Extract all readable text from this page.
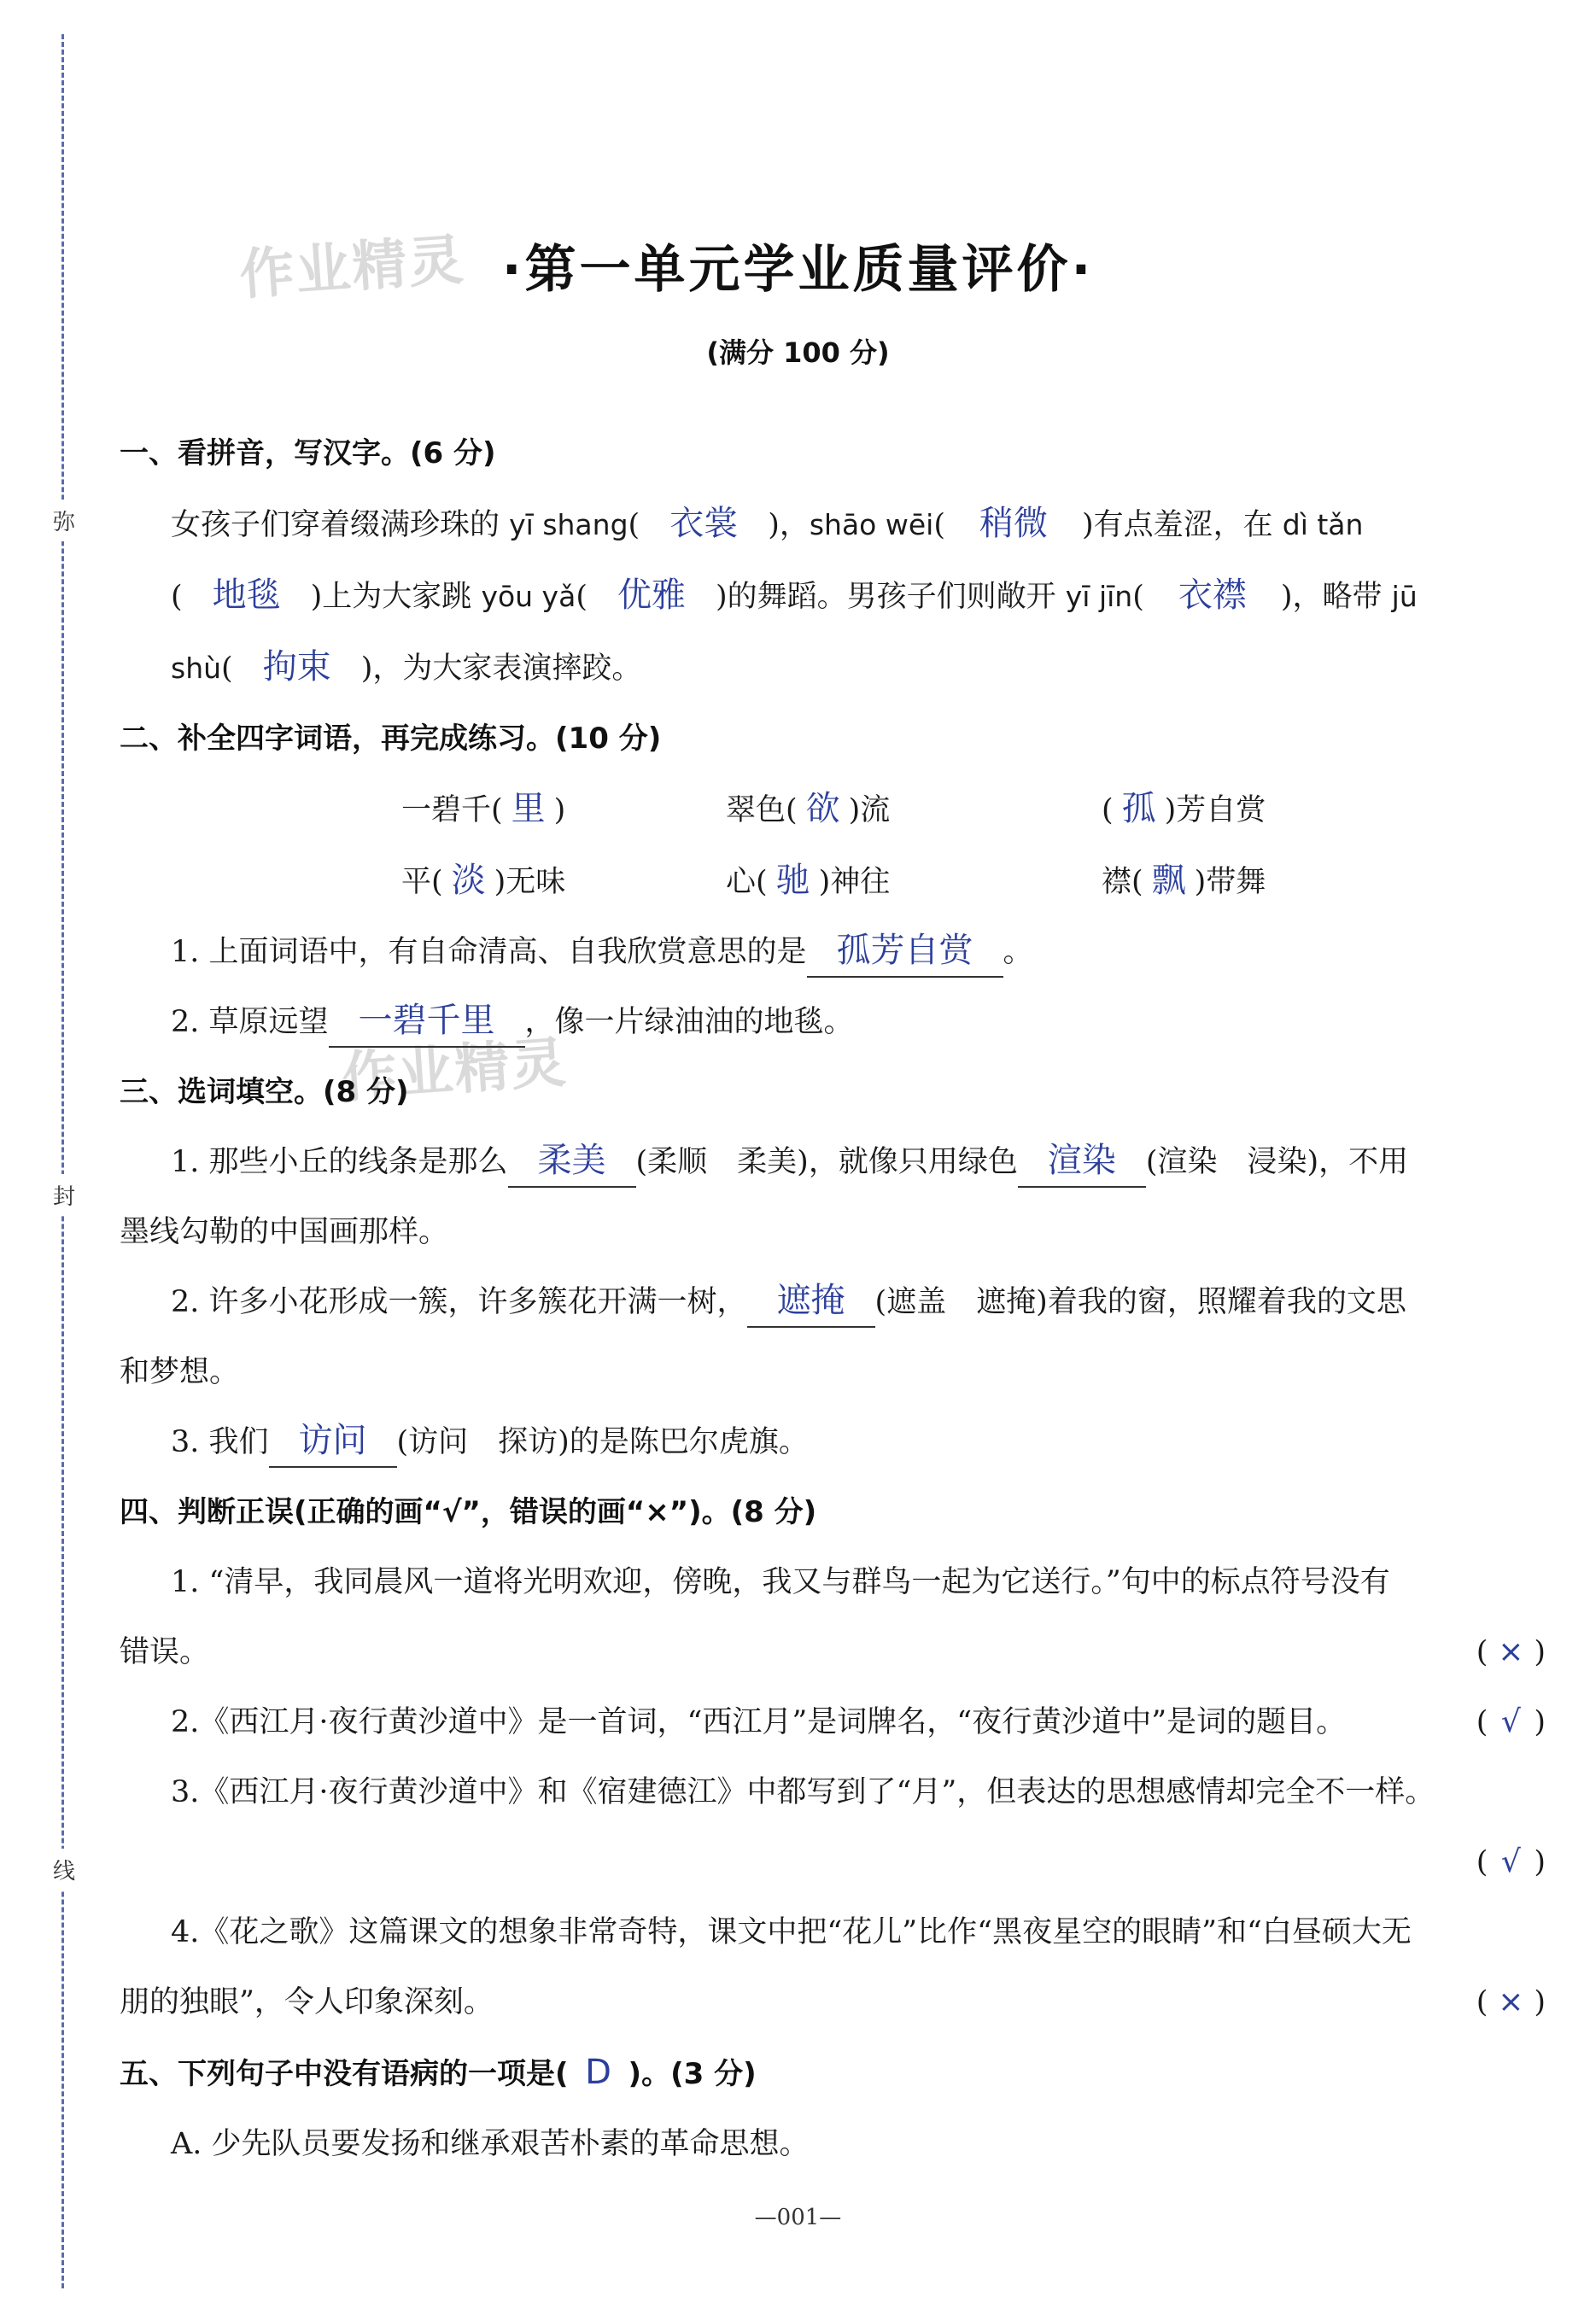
弥
封
线
作业精灵
作业精灵
·第一单元学业质量评价·
(满分 100 分)
一、看拼音，写汉字。(6 分)
女孩子们穿着缀满珍珠的 yī shang( 衣裳 )，shāo wēi( 稍微 )有点羞涩，在 dì tǎn
( 地毯 )上为大家跳 yōu yǎ( 优雅 )的舞蹈。男孩子们则敞开 yī jīn( 衣襟 )，略带 jū
shù( 拘束 )，为大家表演摔跤。
二、补全四字词语，再完成练习。(10 分)
一碧千( 里 )	翠色( 欲 )流	( 孤 )芳自赏
平( 淡 )无味	心( 驰 )神往	襟( 飘 )带舞
1. 上面词语中，有自命清高、自我欣赏意思的是 孤芳自赏 。
2. 草原远望 一碧千里 ，像一片绿油油的地毯。
三、选词填空。(8 分)
1. 那些小丘的线条是那么 柔美 (柔顺　柔美)，就像只用绿色 渲染 (渲染　浸染)，不用
墨线勾勒的中国画那样。
2. 许多小花形成一簇，许多簇花开满一树， 遮掩 (遮盖　遮掩)着我的窗，照耀着我的文思
和梦想。
3. 我们 访问 (访问　探访)的是陈巴尔虎旗。
四、判断正误(正确的画“√”，错误的画“×”)。(8 分)
1. “清早，我同晨风一道将光明欢迎，傍晚，我又与群鸟一起为它送行。”句中的标点符号没有
错误。	( × )
2.《西江月·夜行黄沙道中》是一首词，“西江月”是词牌名，“夜行黄沙道中”是词的题目。	( √ )
3.《西江月·夜行黄沙道中》和《宿建德江》中都写到了“月”，但表达的思想感情却完全不一样。

( √ )
4.《花之歌》这篇课文的想象非常奇特，课文中把“花儿”比作“黑夜星空的眼睛”和“白昼硕大无
朋的独眼”，令人印象深刻。	( × )
五、下列句子中没有语病的一项是( D )。(3 分)
A. 少先队员要发扬和继承艰苦朴素的革命思想。
—001—
